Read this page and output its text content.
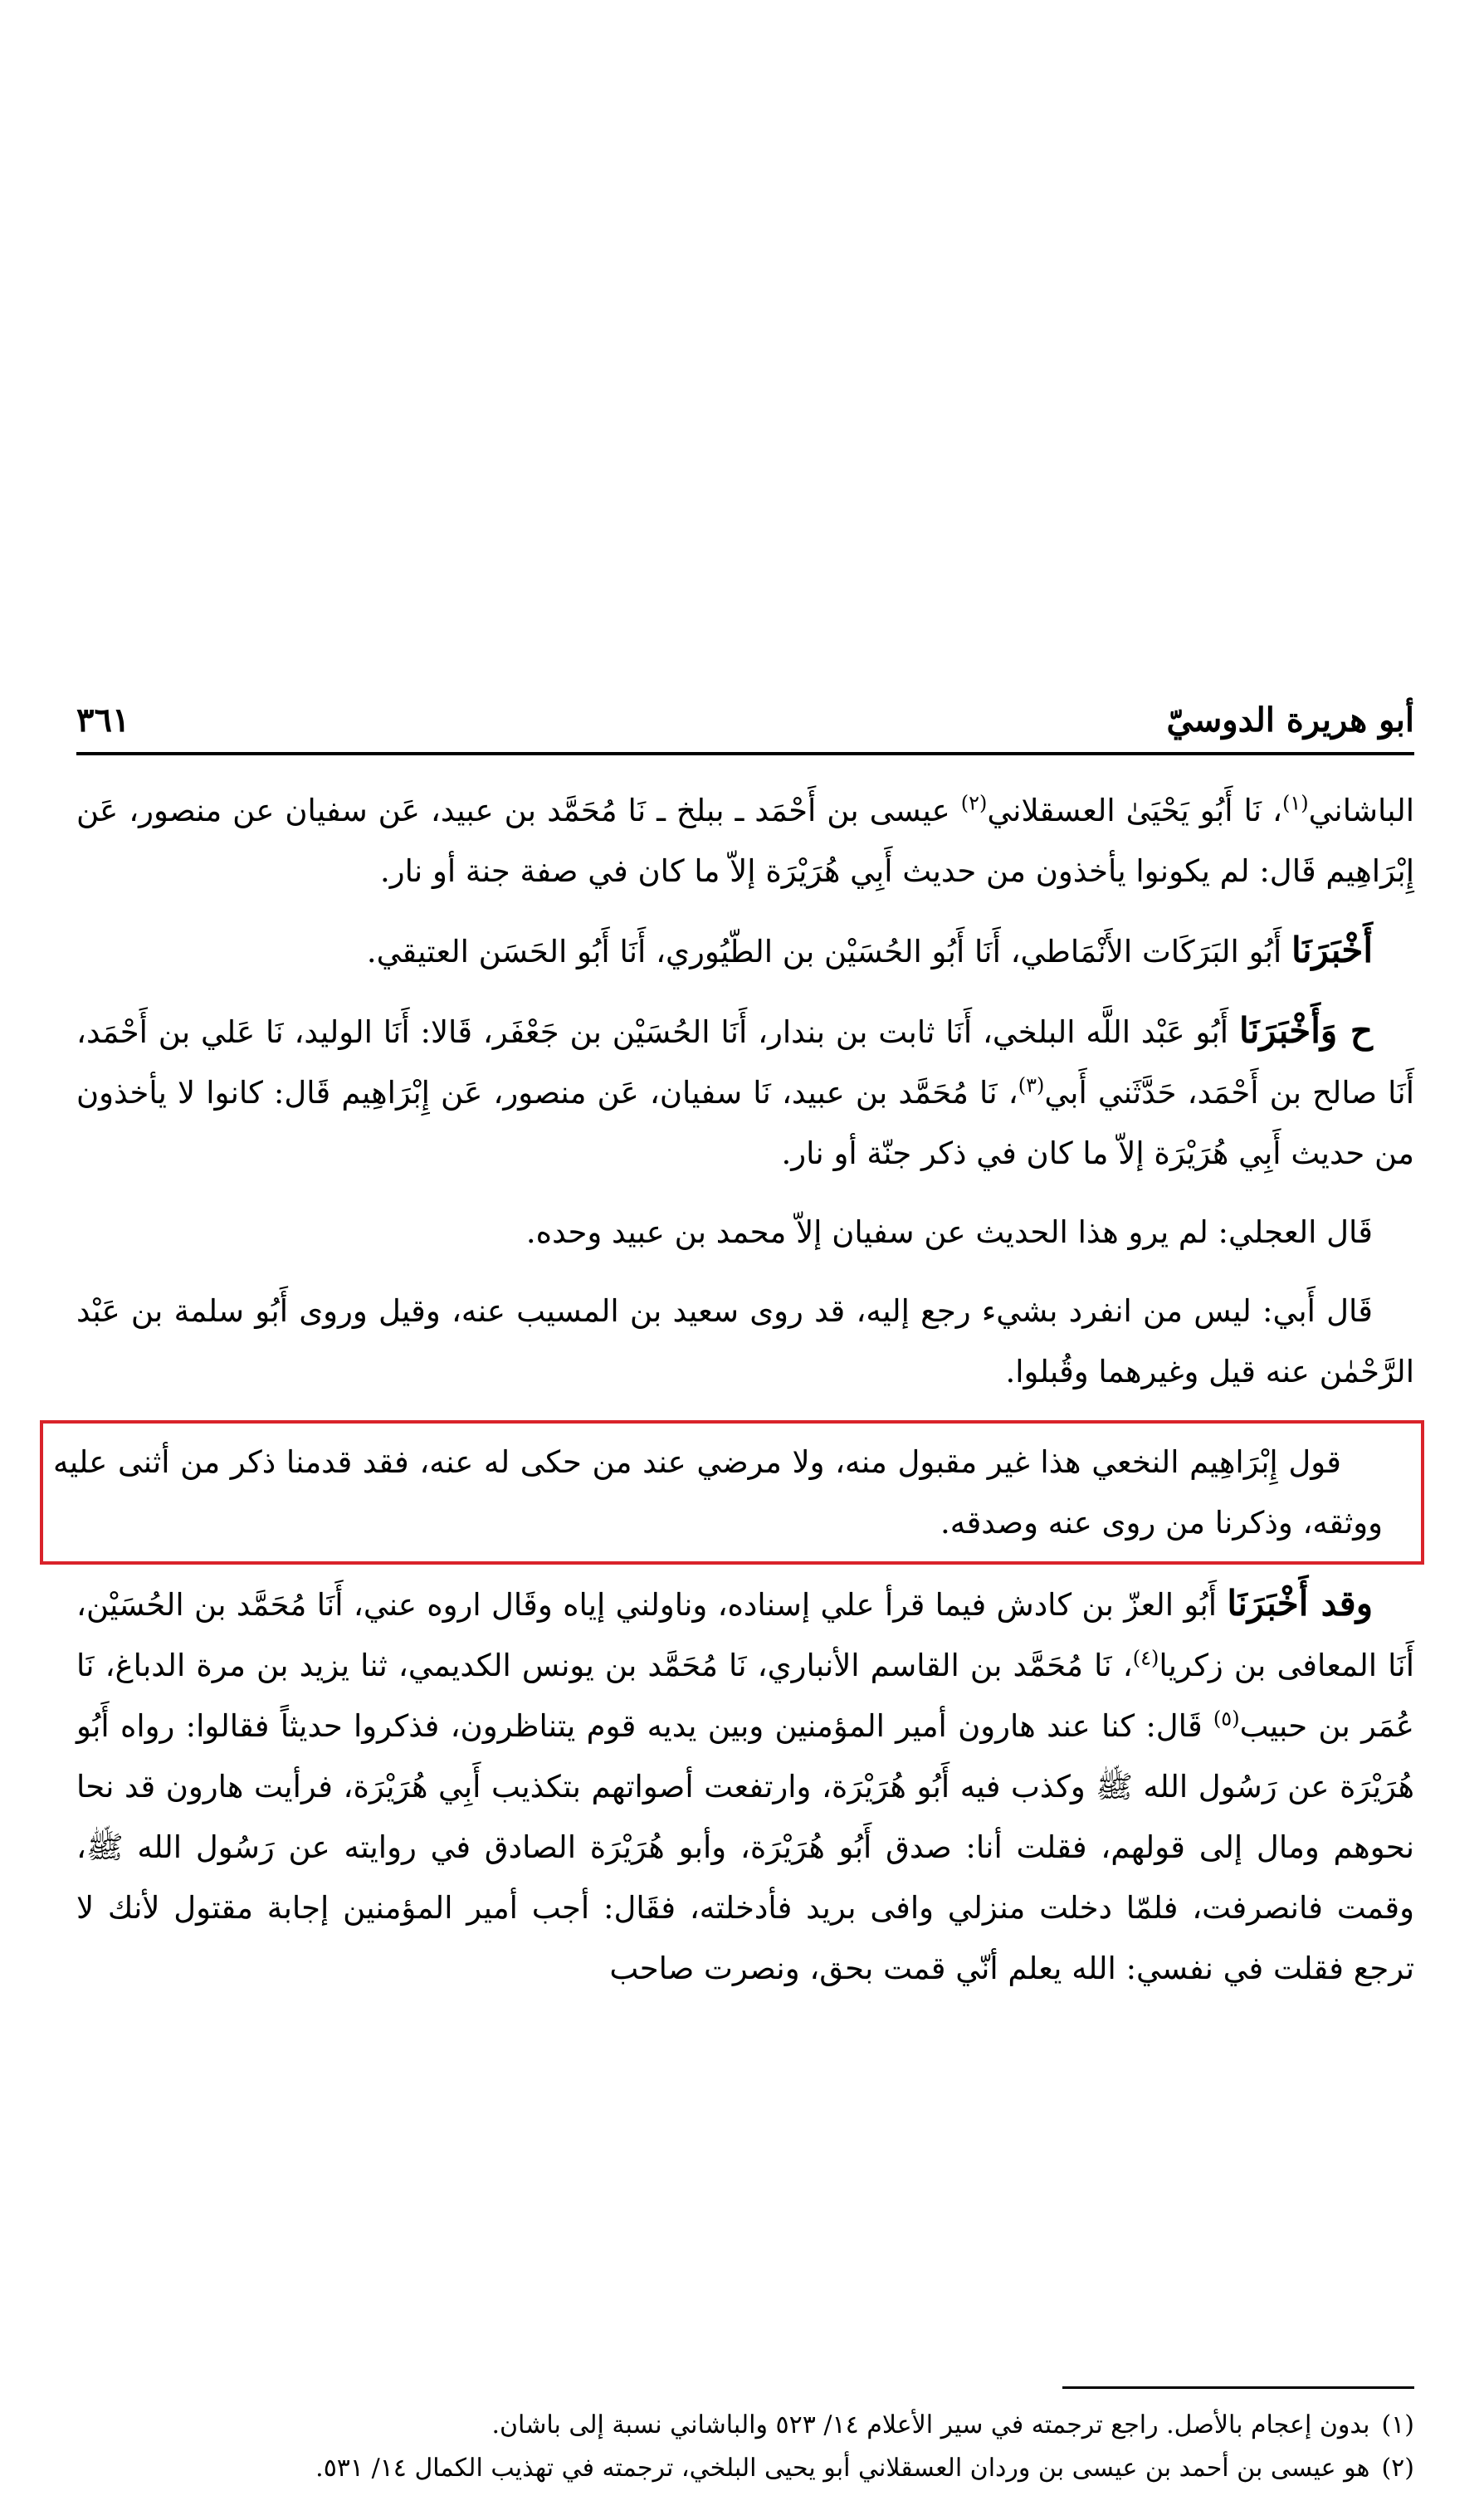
أبو هريرة الدوسيّ
٣٦١

الباشاني$^{(١)}$، نَا أَبُو يَحْيَىٰ العسقلاني$^{(٢)}$ عيسى بن أَحْمَد ـ ببلخ ـ نَا مُحَمَّد بن عبيد، عَن سفيان عن منصور، عَن إِبْرَاهِيم قَال: لم يكونوا يأخذون من حديث أَبِي هُرَيْرَة إلاّ ما كان في صفة جنة أو نار.

أَخْبَرَنَا أَبُو البَرَكَات الأَنْمَاطي، أَنَا أَبُو الحُسَيْن بن الطّيُوري، أَنَا أَبُو الحَسَن العتيقي.

ح وَأَخْبَرَنَا أَبُو عَبْد اللَّه البلخي، أَنَا ثابت بن بندار، أَنَا الحُسَيْن بن جَعْفَر، قَالا: أَنَا الوليد، نَا عَلي بن أَحْمَد، أَنَا صالح بن أَحْمَد، حَدَّثَني أَبي$^{(٣)}$، نَا مُحَمَّد بن عبيد، نَا سفيان، عَن منصور، عَن إِبْرَاهِيم قَال: كانوا لا يأخذون من حديث أَبِي هُرَيْرَة إلاّ ما كان في ذكر جنّة أو نار.

قَال العجلي: لم يرو هذا الحديث عن سفيان إلاّ محمد بن عبيد وحده.

قَال أَبي: ليس من انفرد بشيء رجع إليه، قد روى سعيد بن المسيب عنه، وقيل وروى أَبُو سلمة بن عَبْد الرَّحْمٰن عنه قيل وغيرهما وقُبلوا.

قول إِبْرَاهِيم النخعي هذا غير مقبول منه، ولا مرضي عند من حكى له عنه، فقد قدمنا ذكر من أثنى عليه ووثقه، وذكرنا من روى عنه وصدقه.

وقد أَخْبَرَنَا أَبُو العزّ بن كادش فيما قرأ علي إسناده، وناولني إياه وقَال اروه عني، أَنَا مُحَمَّد بن الحُسَيْن، أَنَا المعافى بن زكريا$^{(٤)}$، نَا مُحَمَّد بن القاسم الأنباري، نَا مُحَمَّد بن يونس الكديمي، ثنا يزيد بن مرة الدباغ، نَا عُمَر بن حبيب$^{(٥)}$ قَال: كنا عند هارون أمير المؤمنين وبين يديه قوم يتناظرون، فذكروا حديثاً فقالوا: رواه أَبُو هُرَيْرَة عن رَسُول الله ﷺ وكذب فيه أَبُو هُرَيْرَة، وارتفعت أصواتهم بتكذيب أَبِي هُرَيْرَة، فرأيت هارون قد نحا نحوهم ومال إلى قولهم، فقلت أنا: صدق أَبُو هُرَيْرَة، وأبو هُرَيْرَة الصادق في روايته عن رَسُول الله ﷺ، وقمت فانصرفت، فلمّا دخلت منزلي وافى بريد فأدخلته، فقَال: أجب أمير المؤمنين إجابة مقتول لأنك لا ترجع فقلت في نفسي: الله يعلم أنّي قمت بحق، ونصرت صاحب

(١)بدون إعجام بالأصل. راجع ترجمته في سير الأعلام ١٤/ ٥٢٣ والباشاني نسبة إلى باشان.

(٢)هو عيسى بن أحمد بن عيسى بن وردان العسقلاني أبو يحيى البلخي، ترجمته في تهذيب الكمال ١٤/ ٥٣١.
